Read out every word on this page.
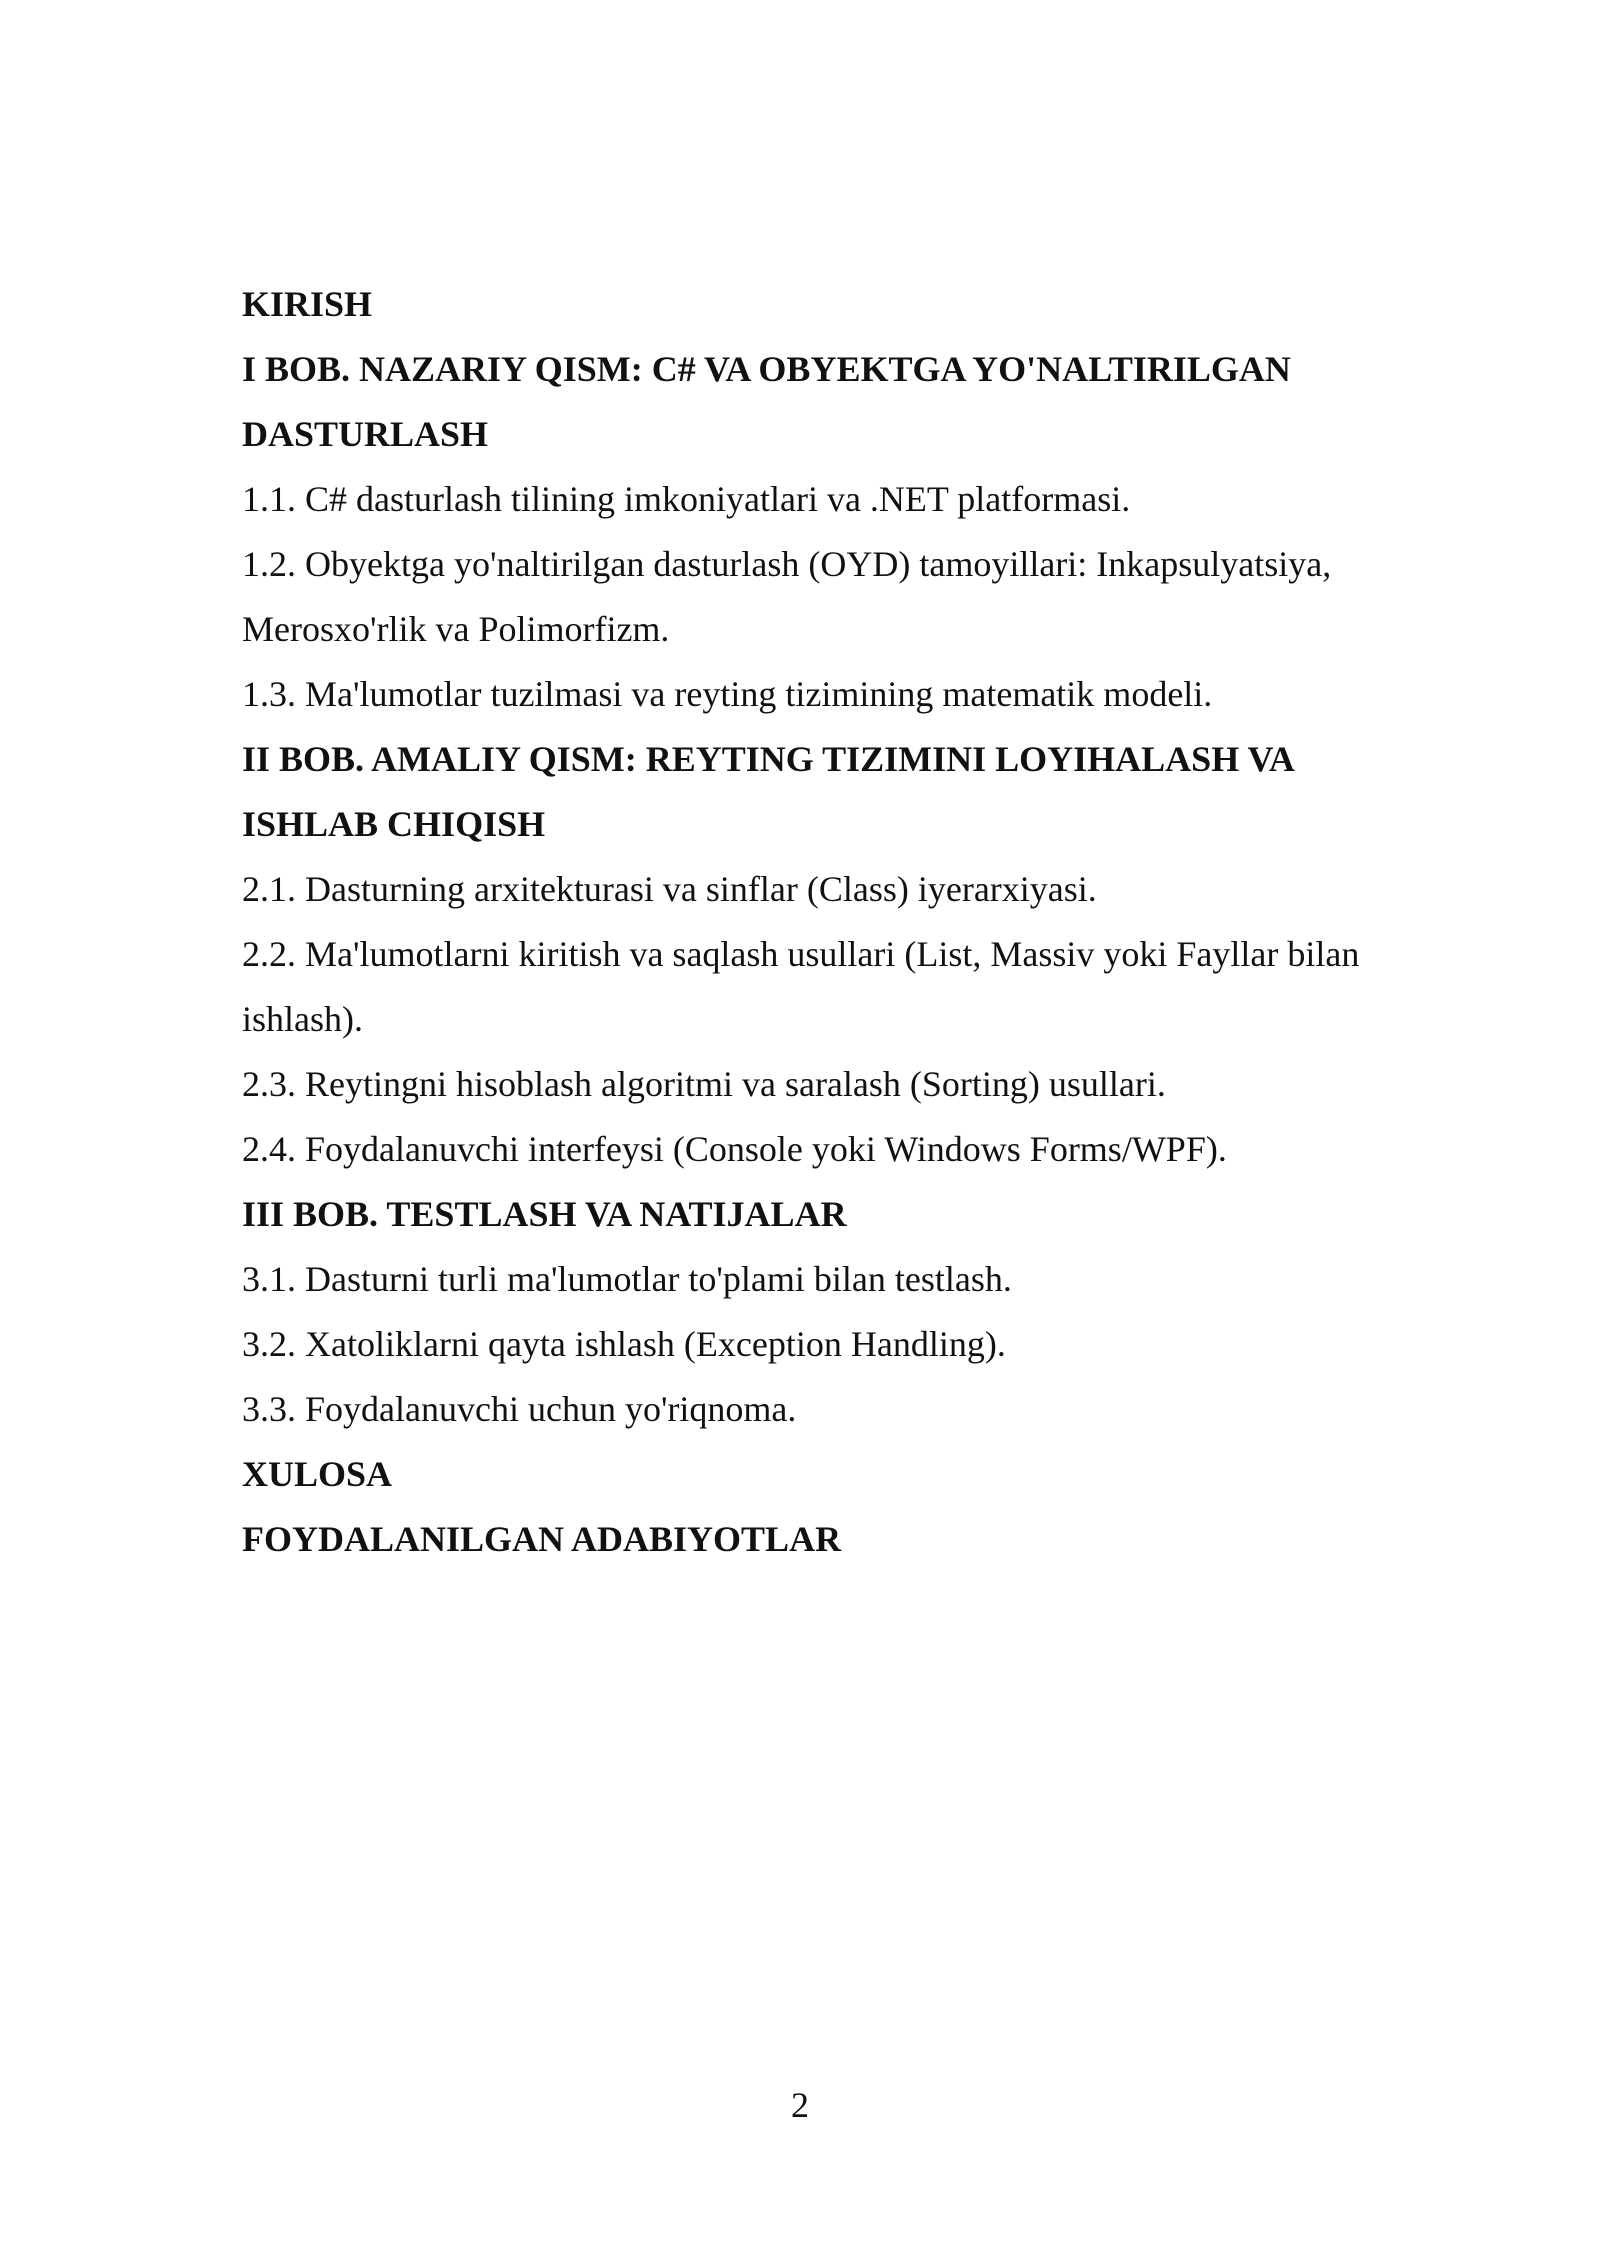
KIRISH

I BOB. NAZARIY QISM: C# VA OBYEKTGA YO'NALTIRILGAN DASTURLASH

1.1. C# dasturlash tilining imkoniyatlari va .NET platformasi.

1.2. Obyektga yo'naltirilgan dasturlash (OYD) tamoyillari: Inkapsulyatsiya, Merosxo'rlik va Polimorfizm.

1.3. Ma'lumotlar tuzilmasi va reyting tizimining matematik modeli.

II BOB. AMALIY QISM: REYTING TIZIMINI LOYIHALASH VA ISHLAB CHIQISH

2.1. Dasturning arxitekturasi va sinflar (Class) iyerarxiyasi.

2.2. Ma'lumotlarni kiritish va saqlash usullari (List, Massiv yoki Fayllar bilan ishlash).

2.3. Reytingni hisoblash algoritmi va saralash (Sorting) usullari.

2.4. Foydalanuvchi interfeysi (Console yoki Windows Forms/WPF).

III BOB. TESTLASH VA NATIJALAR

3.1. Dasturni turli ma'lumotlar to'plami bilan testlash.

3.2. Xatoliklarni qayta ishlash (Exception Handling).

3.3. Foydalanuvchi uchun yo'riqnoma.

XULOSA

FOYDALANILGAN ADABIYOTLAR

2
